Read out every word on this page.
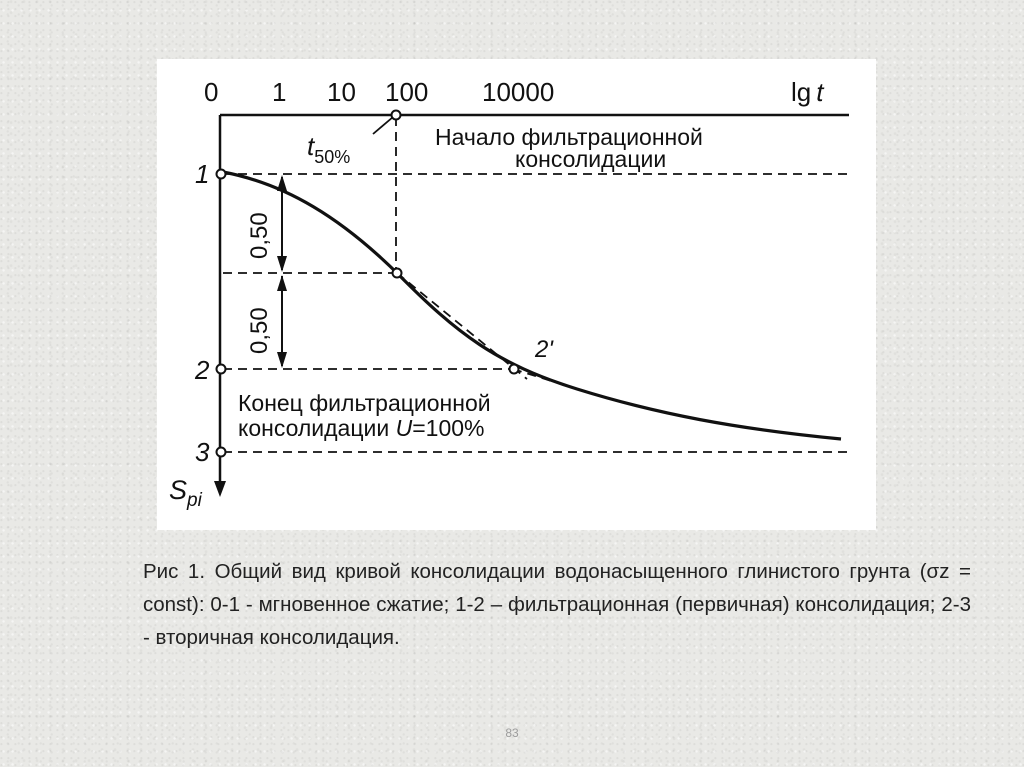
0 1 10 100 10000	lg t
1
2
3
$S_{pi}$
0,50
0,50
$t_{50\%}$
Начало фильтрационной
консолидации
2'
Конец фильтрационной
консолидации U=100%

Рис 1. Общий вид кривой консолидации водонасыщенного глинистого грунта (σz = const): 0-1 - мгновенное сжатие; 1-2 – фильтрационная (первичная) консолидация; 2-3 - вторичная консолидация.

83
